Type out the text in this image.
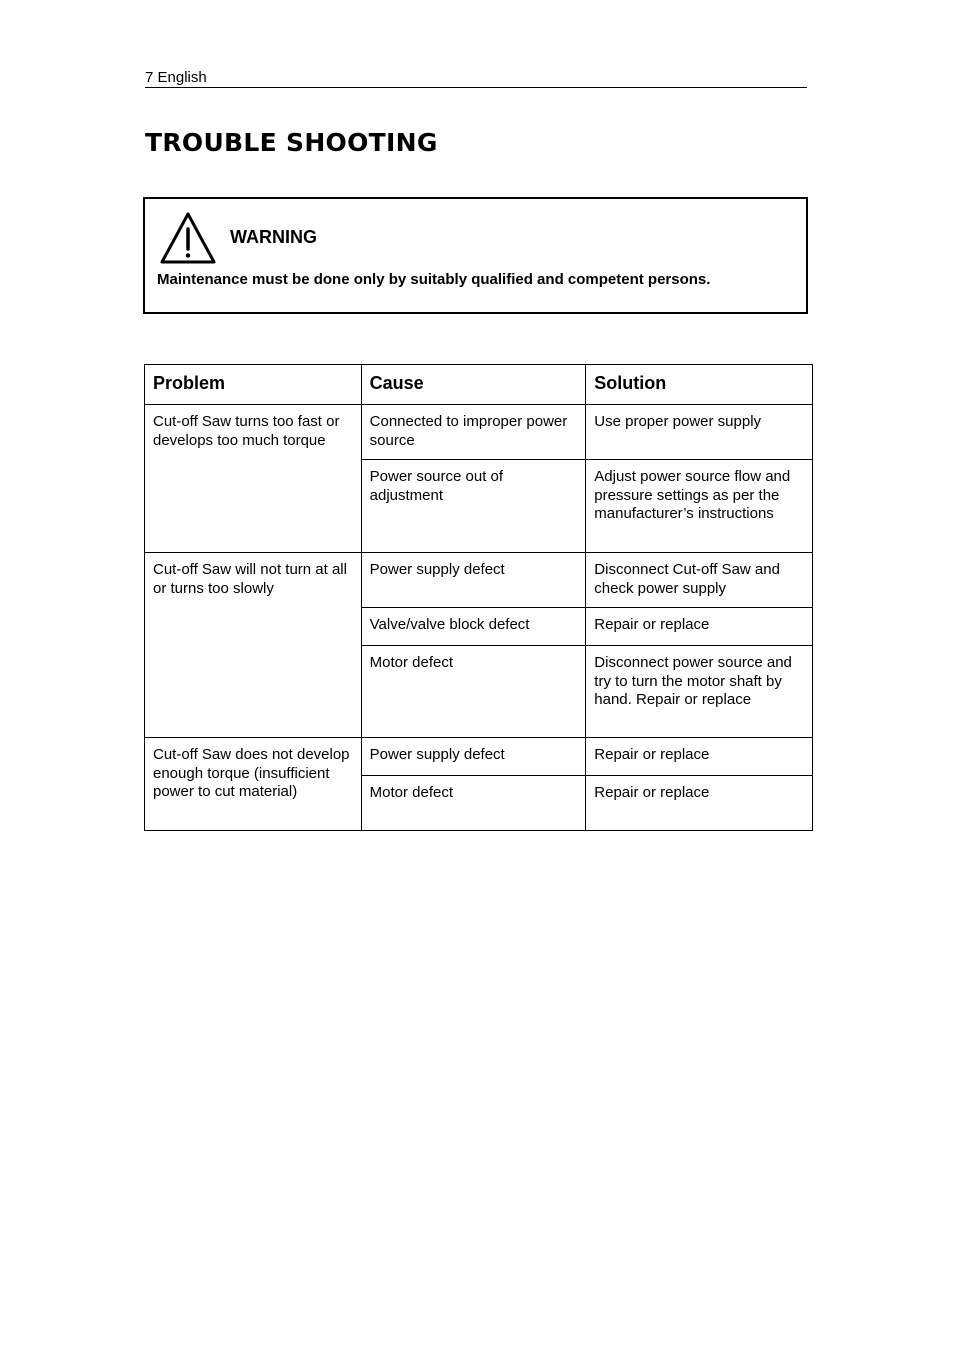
7 English
TROUBLE SHOOTING
WARNING
Maintenance must be done only by suitably qualified and competent persons.
Problem	Cause	Solution
Cut-off Saw turns too fast or develops too much torque	Connected to improper power source	Use proper power supply
	Power source out of adjustment	Adjust power source flow and pressure settings as per the manufacturer’s instructions
Cut-off Saw will not turn at all or turns too slowly	Power supply defect	Disconnect Cut-off Saw and check power supply
	Valve/valve block defect	Repair or replace
	Motor defect	Disconnect power source and try to turn the motor shaft by hand. Repair or replace
Cut-off Saw does not develop enough torque (insufficient power to cut material)	Power supply defect	Repair or replace
	Motor defect	Repair or replace
